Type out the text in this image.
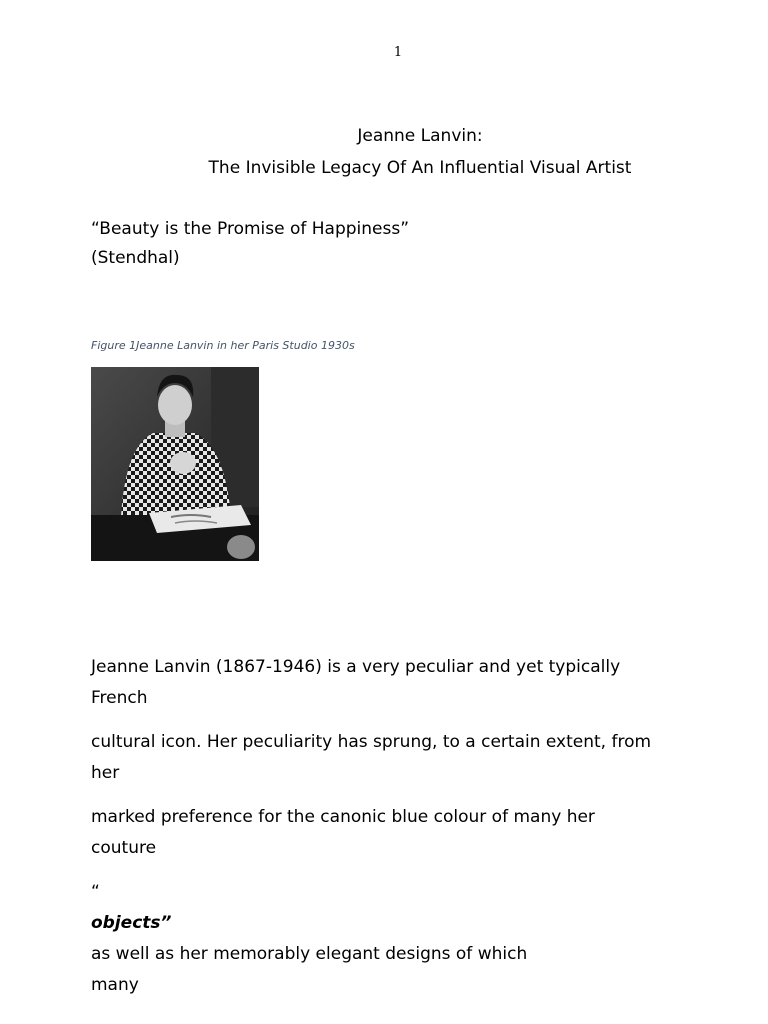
1
Jeanne Lanvin:
The Invisible Legacy Of An Influential Visual Artist
“Beauty is the Promise of Happiness”
(Stendhal)
Figure 1Jeanne Lanvin in her Paris Studio 1930s

Jeanne Lanvin (1867-1946) is a very peculiar and yet typically
French

cultural icon. Her peculiarity has sprung, to a certain extent, from
her

marked preference for the canonic blue colour of many her
couture

“
objects”
as well as her memorably elegant designs of which
many
